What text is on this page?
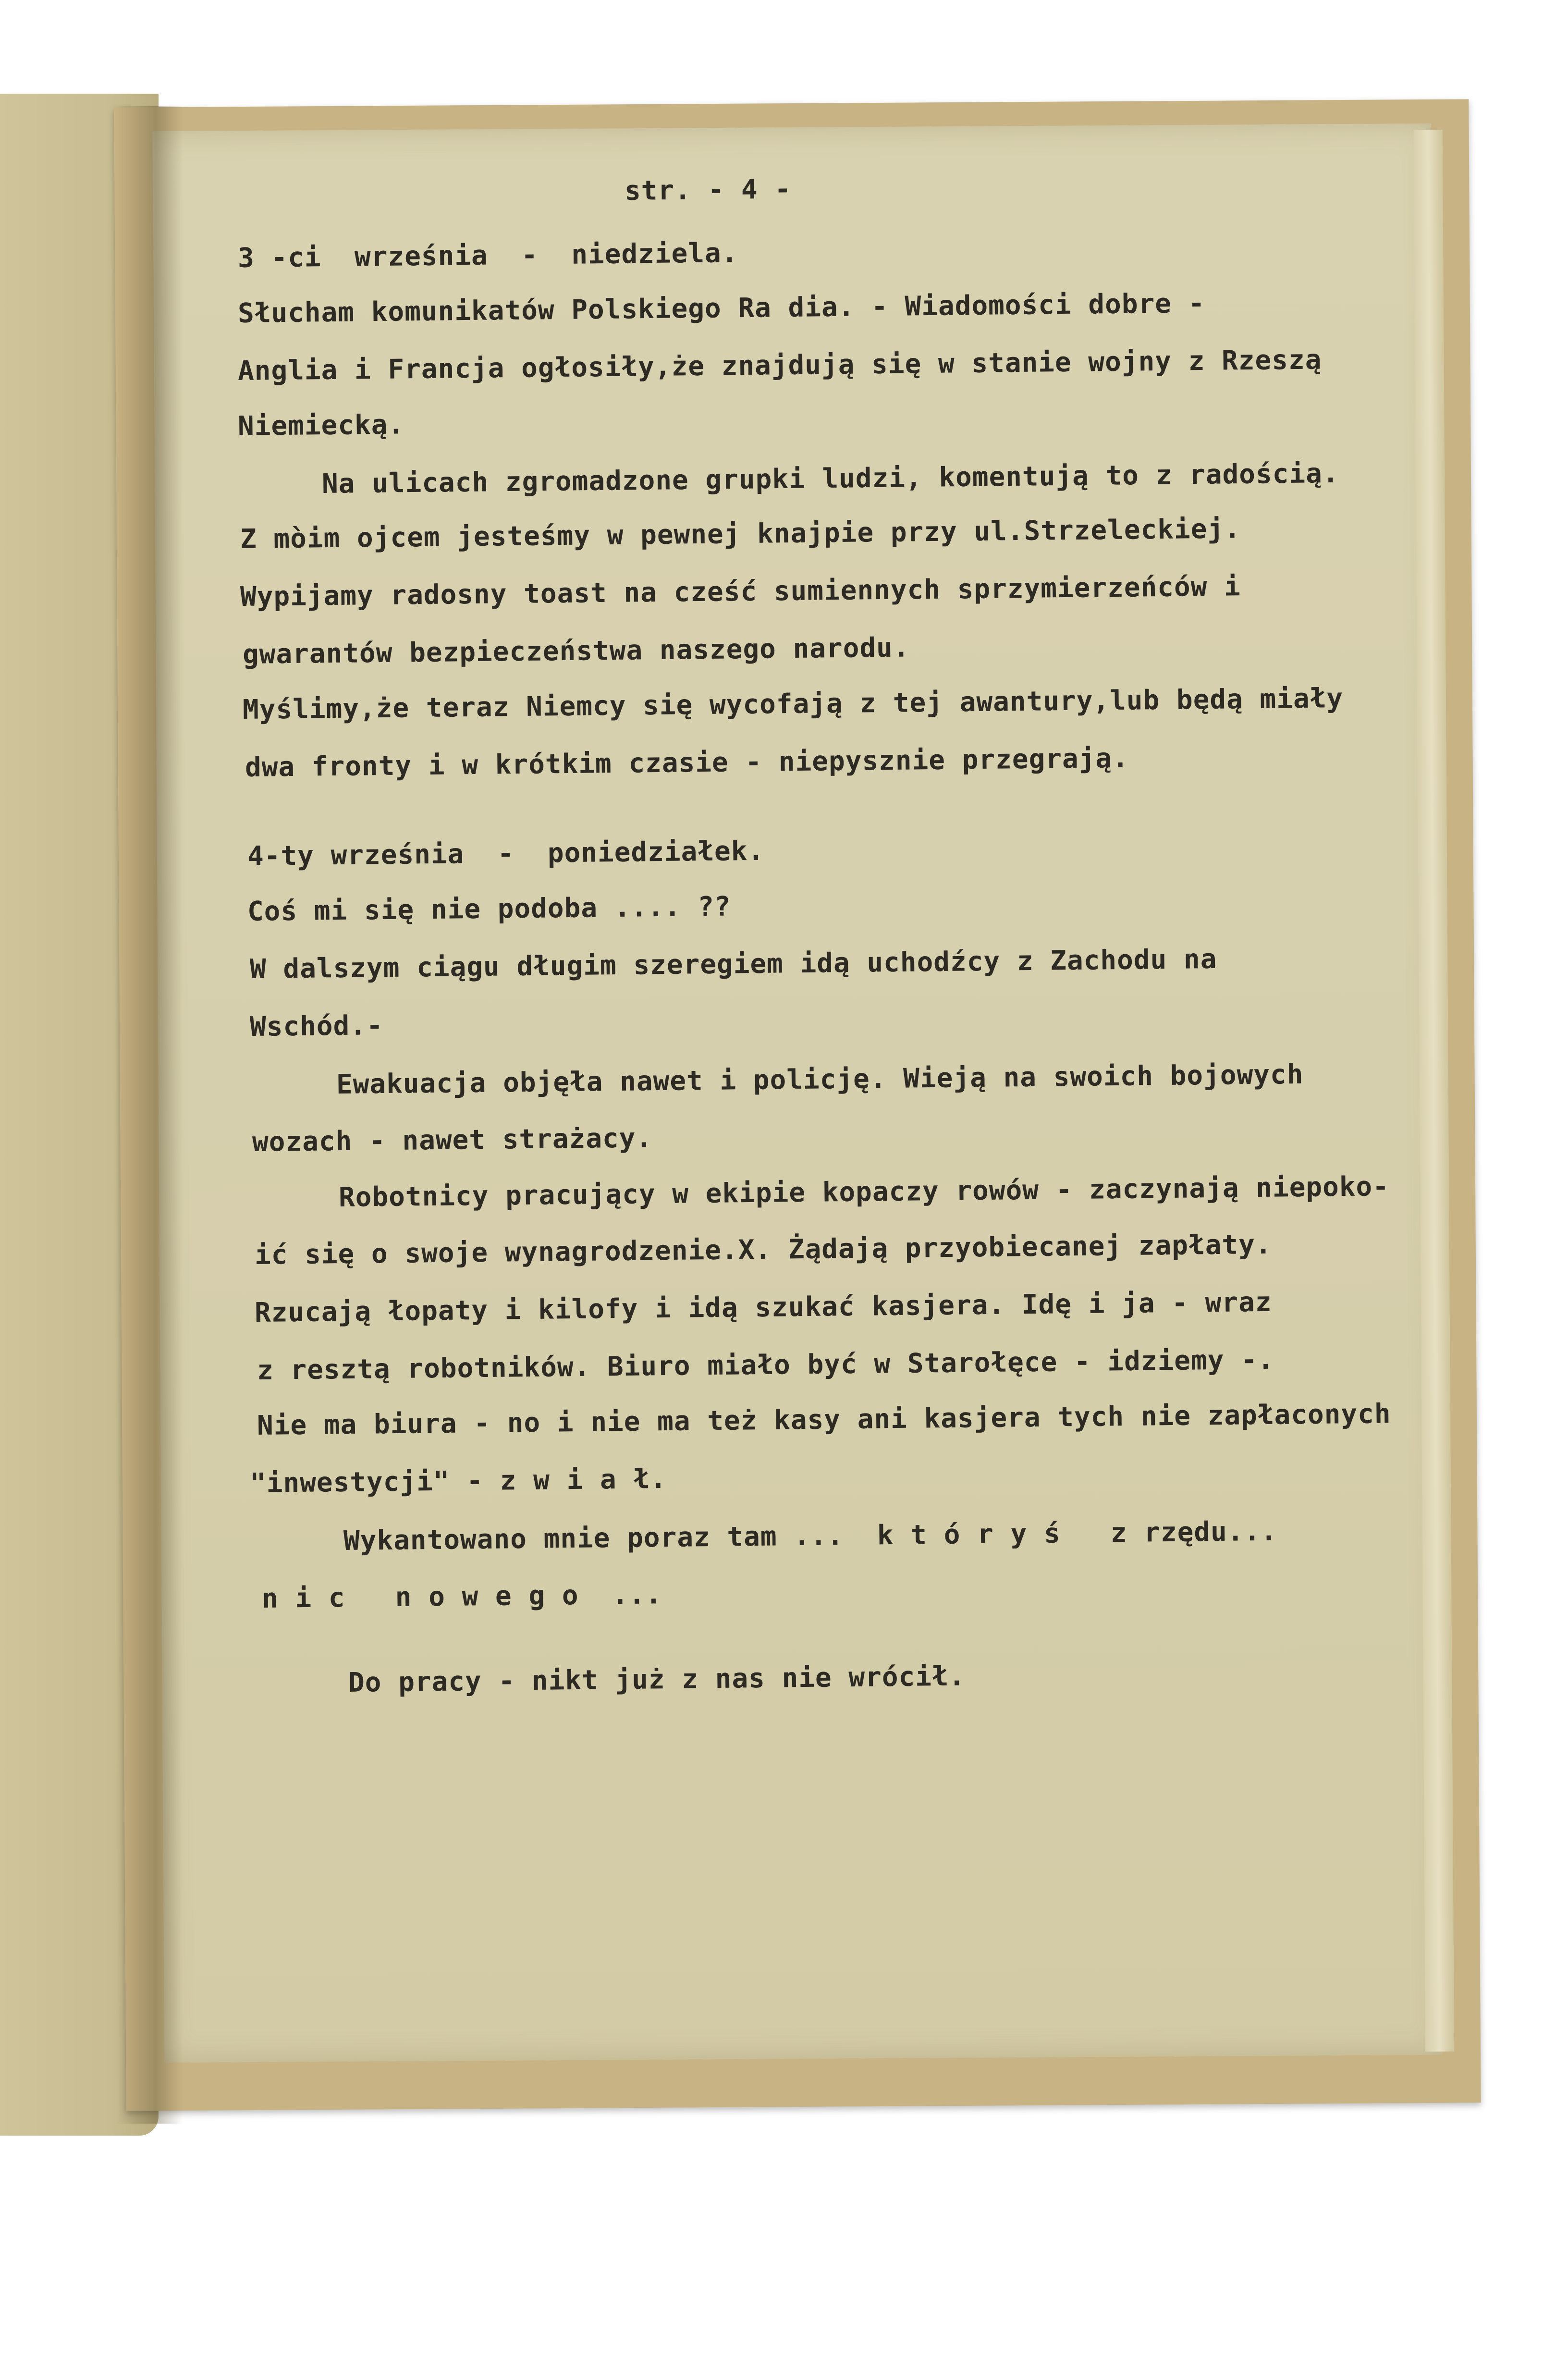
str. - 4 -
3 -ci  września  -  niedziela.
Słucham komunikatów Polskiego Ra dia. - Wiadomości dobre -
Anglia i Francja ogłosiły,że znajdują się w stanie wojny z Rzeszą
Niemiecką.
Na ulicach zgromadzone grupki ludzi, komentują to z radością.
Z mòim ojcem jesteśmy w pewnej knajpie przy ul.Strzeleckiej.
Wypijamy radosny toast na cześć sumiennych sprzymierzeńców i
gwarantów bezpieczeństwa naszego narodu.
Myślimy,że teraz Niemcy się wycofają z tej awantury,lub będą miały
dwa fronty i w krótkim czasie - niepysznie przegrają.
4-ty września  -  poniedziałek.
Coś mi się nie podoba .... ??
W dalszym ciągu długim szeregiem idą uchodźcy z Zachodu na
Wschód.-
Ewakuacja objęła nawet i policję. Wieją na swoich bojowych
wozach - nawet strażacy.
Robotnicy pracujący w ekipie kopaczy rowów - zaczynają niepoko-
ić się o swoje wynagrodzenie.X. Żądają przyobiecanej zapłaty.
Rzucają łopaty i kilofy i idą szukać kasjera. Idę i ja - wraz
z resztą robotników. Biuro miało być w Starołęce - idziemy -.
Nie ma biura - no i nie ma też kasy ani kasjera tych nie zapłaconych
"inwestycji" - z w i a ł.
Wykantowano mnie poraz tam ...  k t ó r y ś   z rzędu...
n i c   n o w e g o  ...
Do pracy - nikt już z nas nie wrócił.
